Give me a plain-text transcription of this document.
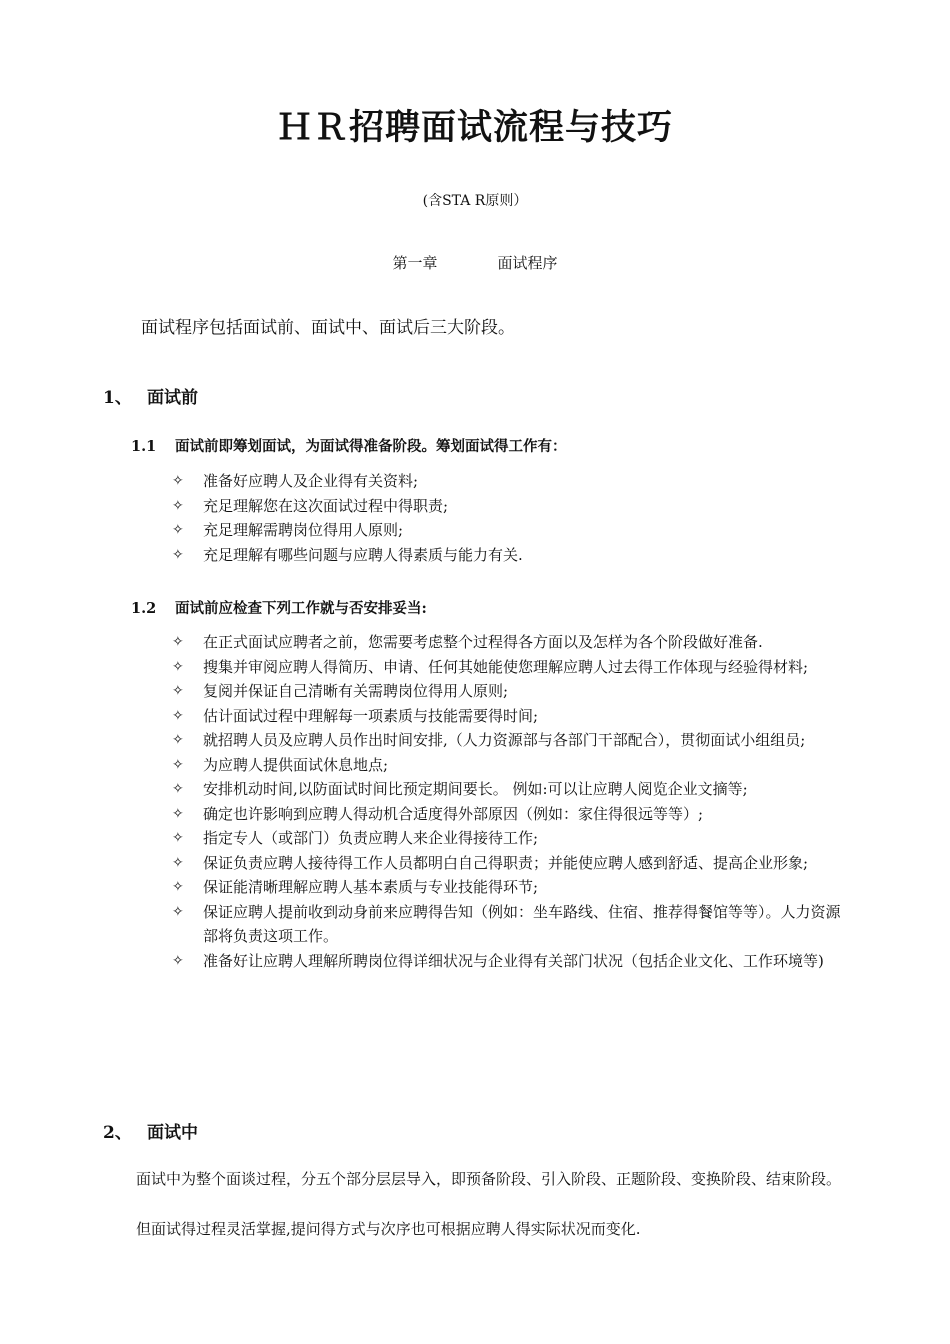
ＨＲ招聘面试流程与技巧

(含STA R原则）

第一章	面试程序

面试程序包括面试前、面试中、面试后三大阶段。

1、 面试前
1.1 面试前即筹划面试，为面试得准备阶段。筹划面试得工作有：
✧ 准备好应聘人及企业得有关资料;
✧ 充足理解您在这次面试过程中得职责;
✧ 充足理解需聘岗位得用人原则;
✧ 充足理解有哪些问题与应聘人得素质与能力有关.
1.2 面试前应检查下列工作就与否安排妥当:
✧ 在正式面试应聘者之前，您需要考虑整个过程得各方面以及怎样为各个阶段做好准备.
✧ 搜集并审阅应聘人得简历、申请、任何其她能使您理解应聘人过去得工作体现与经验得材料;
✧ 复阅并保证自己清晰有关需聘岗位得用人原则;
✧ 估计面试过程中理解每一项素质与技能需要得时间;
✧ 就招聘人员及应聘人员作出时间安排,（人力资源部与各部门干部配合），贯彻面试小组组员;
✧ 为应聘人提供面试休息地点;
✧ 安排机动时间,以防面试时间比预定期间要长。 例如:可以让应聘人阅览企业文摘等;
✧ 确定也许影响到应聘人得动机合适度得外部原因（例如：家住得很远等等）;
✧ 指定专人（或部门）负责应聘人来企业得接待工作;
✧ 保证负责应聘人接待得工作人员都明白自己得职责；并能使应聘人感到舒适、提高企业形象;
✧ 保证能清晰理解应聘人基本素质与专业技能得环节;
✧ 保证应聘人提前收到动身前来应聘得告知（例如：坐车路线、住宿、推荐得餐馆等等）。人力资源部将负责这项工作。
✧ 准备好让应聘人理解所聘岗位得详细状况与企业得有关部门状况（包括企业文化、工作环境等)
2、 面试中

面试中为整个面谈过程，分五个部分层层导入，即预备阶段、引入阶段、正题阶段、变换阶段、结束阶段。

但面试得过程灵活掌握,提问得方式与次序也可根据应聘人得实际状况而变化.
